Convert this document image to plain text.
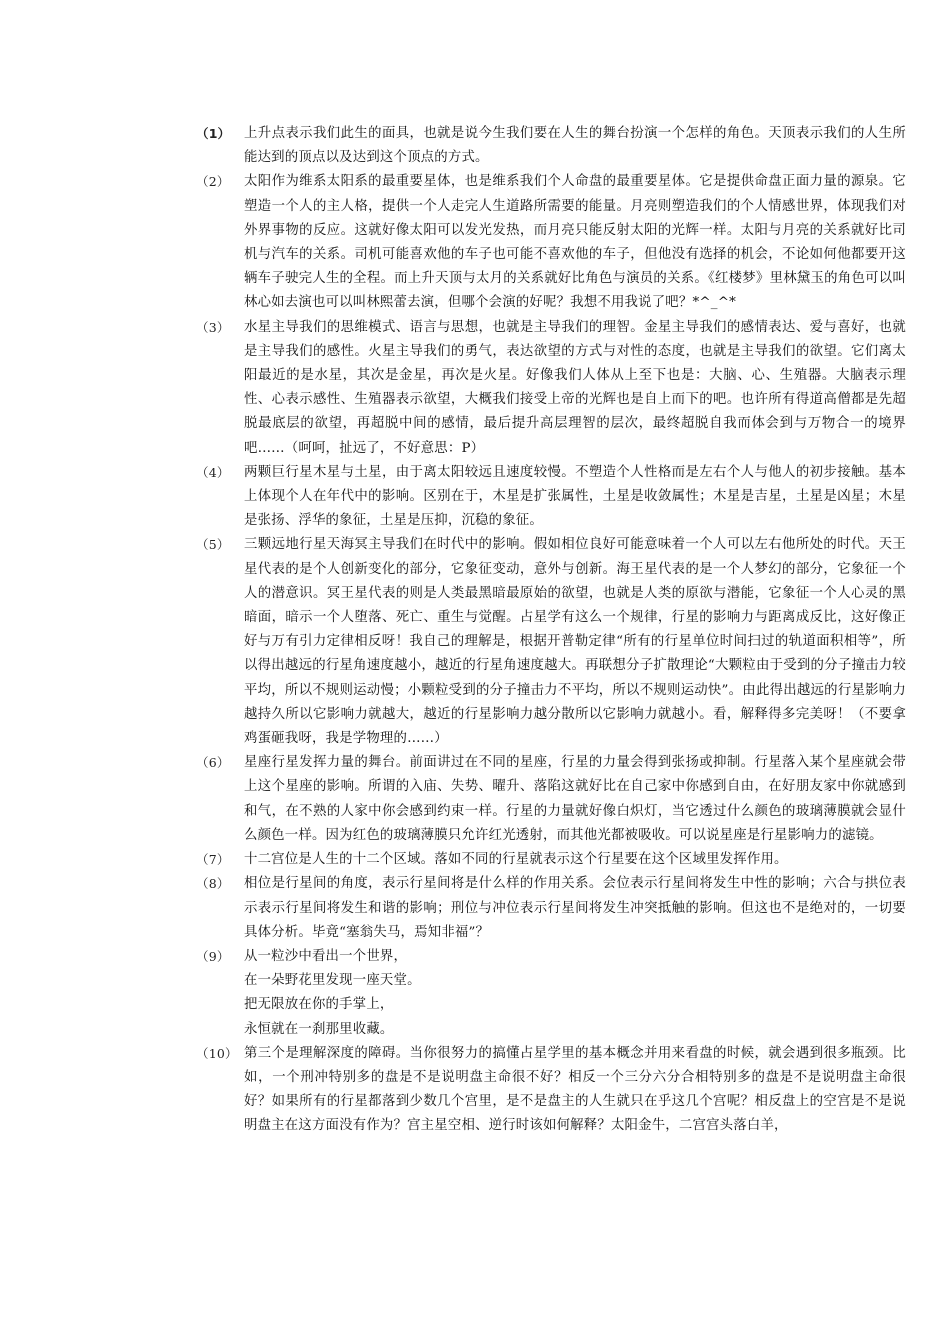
（1）	上升点表示我们此生的面具，也就是说今生我们要在人生的舞台扮演一个怎样的角色。天顶表示我们的人生所能达到的顶点以及达到这个顶点的方式。
（2）	太阳作为维系太阳系的最重要星体，也是维系我们个人命盘的最重要星体。它是提供命盘正面力量的源泉。它塑造一个人的主人格，提供一个人走完人生道路所需要的能量。月亮则塑造我们的个人情感世界，体现我们对外界事物的反应。这就好像太阳可以发光发热，而月亮只能反射太阳的光辉一样。太阳与月亮的关系就好比司机与汽车的关系。司机可能喜欢他的车子也可能不喜欢他的车子，但他没有选择的机会，不论如何他都要开这辆车子驶完人生的全程。而上升天顶与太月的关系就好比角色与演员的关系。《红楼梦》里林黛玉的角色可以叫林心如去演也可以叫林熙蕾去演，但哪个会演的好呢？我想不用我说了吧？*^_^*
（3）	水星主导我们的思维模式、语言与思想，也就是主导我们的理智。金星主导我们的感情表达、爱与喜好，也就是主导我们的感性。火星主导我们的勇气，表达欲望的方式与对性的态度，也就是主导我们的欲望。它们离太阳最近的是水星，其次是金星，再次是火星。好像我们人体从上至下也是：大脑、心、生殖器。大脑表示理性、心表示感性、生殖器表示欲望，大概我们接受上帝的光辉也是自上而下的吧。也许所有得道高僧都是先超脱最底层的欲望，再超脱中间的感情，最后提升高层理智的层次，最终超脱自我而体会到与万物合一的境界吧……（呵呵，扯远了，不好意思：P）
（4）	两颗巨行星木星与土星，由于离太阳较远且速度较慢。不塑造个人性格而是左右个人与他人的初步接触。基本上体现个人在年代中的影响。区别在于，木星是扩张属性，土星是收敛属性；木星是吉星，土星是凶星；木星是张扬、浮华的象征，土星是压抑，沉稳的象征。
（5）	三颗远地行星天海冥主导我们在时代中的影响。假如相位良好可能意味着一个人可以左右他所处的时代。天王星代表的是个人创新变化的部分，它象征变动，意外与创新。海王星代表的是一个人梦幻的部分，它象征一个人的潜意识。冥王星代表的则是人类最黑暗最原始的欲望，也就是人类的原欲与潜能，它象征一个人心灵的黑暗面，暗示一个人堕落、死亡、重生与觉醒。占星学有这么一个规律，行星的影响力与距离成反比，这好像正好与万有引力定律相反呀！我自己的理解是，根据开普勒定律“所有的行星单位时间扫过的轨道面积相等”，所以得出越远的行星角速度越小，越近的行星角速度越大。再联想分子扩散理论“大颗粒由于受到的分子撞击力较平均，所以不规则运动慢；小颗粒受到的分子撞击力不平均，所以不规则运动快”。由此得出越远的行星影响力越持久所以它影响力就越大，越近的行星影响力越分散所以它影响力就越小。看，解释得多完美呀！（不要拿鸡蛋砸我呀，我是学物理的……）
（6）	星座行星发挥力量的舞台。前面讲过在不同的星座，行星的力量会得到张扬或抑制。行星落入某个星座就会带上这个星座的影响。所谓的入庙、失势、曜升、落陷这就好比在自己家中你感到自由，在好朋友家中你就感到和气，在不熟的人家中你会感到约束一样。行星的力量就好像白炽灯，当它透过什么颜色的玻璃薄膜就会显什么颜色一样。因为红色的玻璃薄膜只允许红光透射，而其他光都被吸收。可以说星座是行星影响力的滤镜。
（7）	十二宫位是人生的十二个区域。落如不同的行星就表示这个行星要在这个区域里发挥作用。
（8）	相位是行星间的角度，表示行星间将是什么样的作用关系。会位表示行星间将发生中性的影响；六合与拱位表示表示行星间将发生和谐的影响；刑位与冲位表示行星间将发生冲突抵触的影响。但这也不是绝对的，一切要具体分析。毕竟“塞翁失马，焉知非福”？
（9）	从一粒沙中看出一个世界，
在一朵野花里发现一座天堂。
把无限放在你的手掌上，
永恒就在一刹那里收藏。
（10） 第三个是理解深度的障碍。当你很努力的搞懂占星学里的基本概念并用来看盘的时候，就会遇到很多瓶颈。比如，一个刑冲特别多的盘是不是说明盘主命很不好？相反一个三分六分合相特别多的盘是不是说明盘主命很好？如果所有的行星都落到少数几个宫里，是不是盘主的人生就只在乎这几个宫呢？相反盘上的空宫是不是说明盘主在这方面没有作为？宫主星空相、逆行时该如何解释？太阳金牛，二宫宫头落白羊，
